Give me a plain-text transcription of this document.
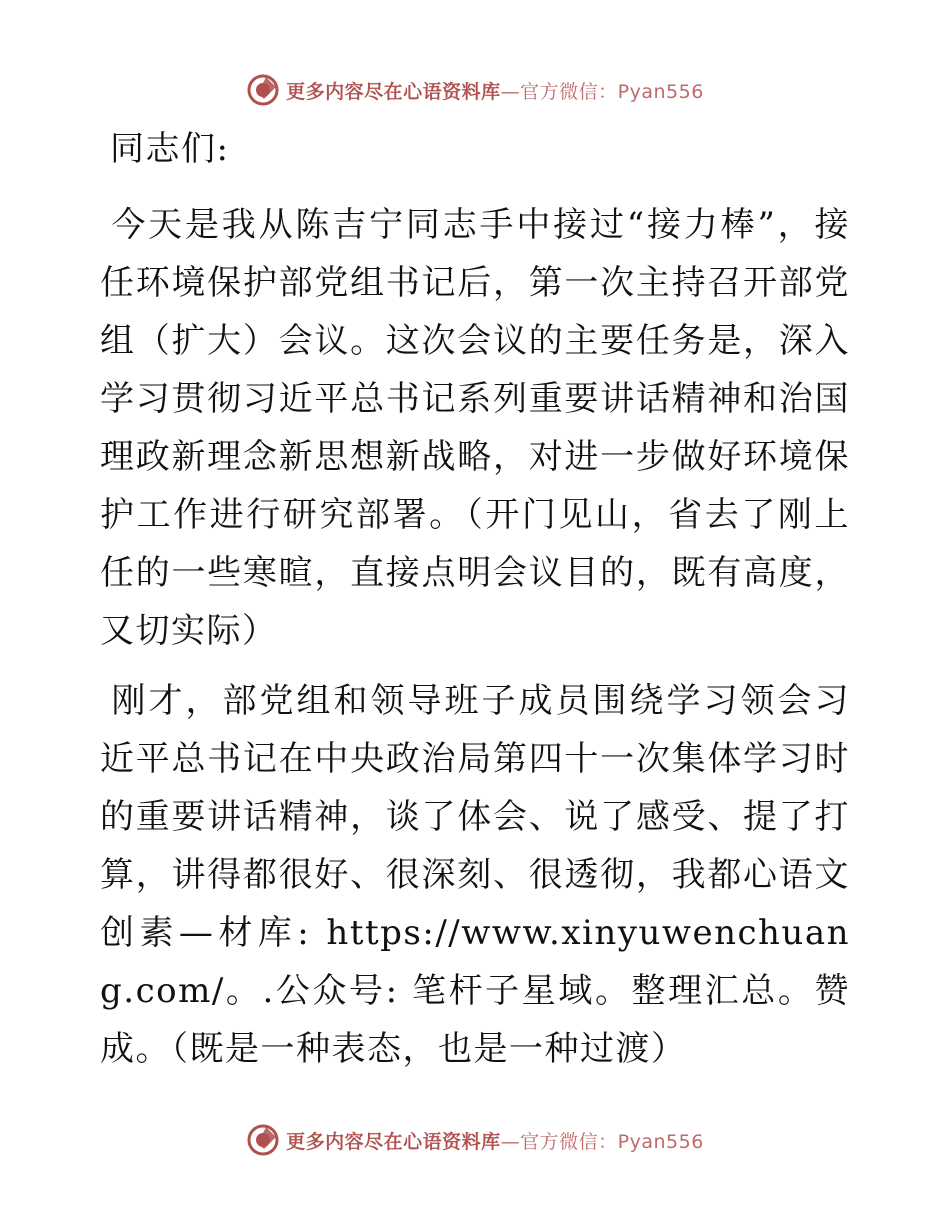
更多内容尽在心语资料库—官方微信：Pyan556

同志们:

今天是我从陈吉宁同志手中接过“接力棒”，接任环境保护部党组书记后，第一次主持召开部党组（扩大）会议。这次会议的主要任务是，深入学习贯彻习近平总书记系列重要讲话精神和治国理政新理念新思想新战略，对进一步做好环境保护工作进行研究部署。（开门见山，省去了刚上任的一些寒暄，直接点明会议目的，既有高度，又切实际）

刚才，部党组和领导班子成员围绕学习领会习近平总书记在中央政治局第四十一次集体学习时的重要讲话精神，谈了体会、说了感受、提了打算，讲得都很好、很深刻、很透彻，我都心语文创素—材库: https://www.xinyuwenchuang.com/。.公众号: 笔杆子星域。整理汇总。赞成。（既是一种表态，也是一种过渡）

更多内容尽在心语资料库—官方微信：Pyan556
